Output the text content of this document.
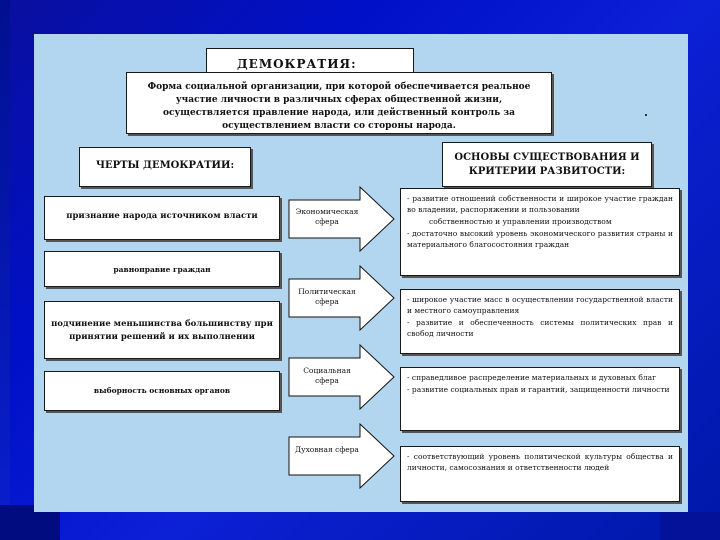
ДЕМОКРАТИЯ:
Форма социальной организации, при которой обеспечивается реальное участие личности в различных сферах общественной жизни, осуществляется правление народа, или действенный контроль за осуществлением власти со стороны народа.
ЧЕРТЫ ДЕМОКРАТИИ:
ОСНОВЫ СУЩЕСТВОВАНИЯ И КРИТЕРИИ РАЗВИТОСТИ:
признание народа источником власти
равноправие граждан
подчинение меньшинства большинству при принятии решений и их выполнении
выборность основных органов
Экономическая сфера
Политическая сфера
Социальная сфера
Духовная сфера

- развитие отношений собственности и широкое участие граждан во владении, распоряжении и пользовании

собственностью и управлении производством

- достаточно высокий уровень экономического развития страны и материального благосостояния граждан

- широкое участие масс в осуществлении государственной власти и местного самоуправления

- развитие и обеспеченность системы политических прав и свобод личности

- справедливое распределение материальных и духовных благ

- развитие социальных прав и гарантий, защищенности личности

- соответствующий уровень политической культуры общества и личности, самосознания и ответственности людей
